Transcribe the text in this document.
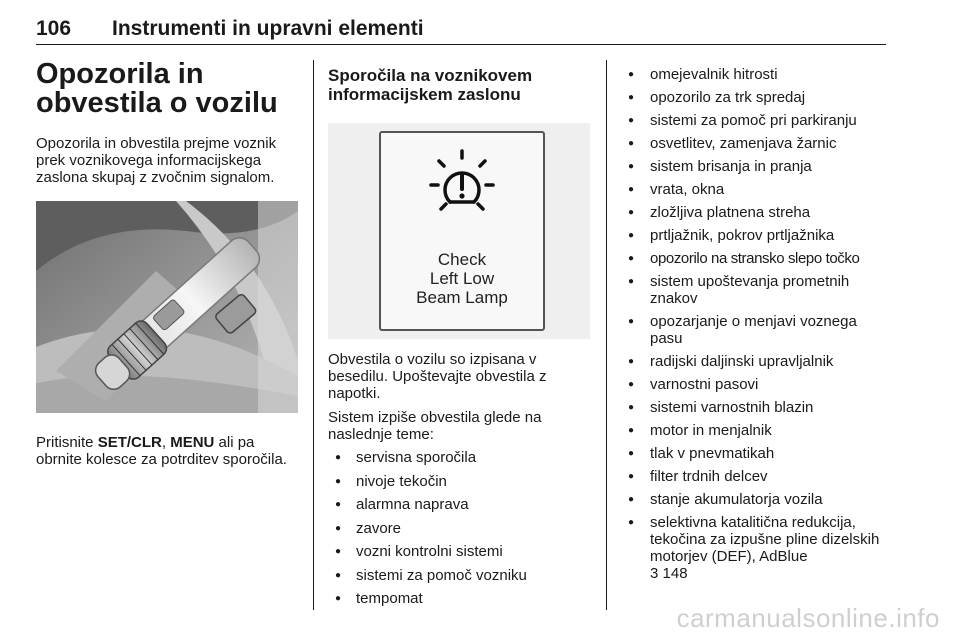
106 Instrumenti in upravni elementi
Opozorila in obvestila o vozilu

Opozorila in obvestila prejme voznik prek voznikovega informacijskega zaslona skupaj z zvočnim signalom.

Pritisnite SET/CLR, MENU ali pa obrnite kolesce za potrditev sporočila.

Sporočila na voznikovem informacijskem zaslonu
Check
Left Low
Beam Lamp

Obvestila o vozilu so izpisana v besedilu. Upoštevajte obvestila z napotki.

Sistem izpiše obvestila glede na naslednje teme:

● servisna sporočila
● nivoje tekočin
● alarmna naprava
● zavore
● vozni kontrolni sistemi
● sistemi za pomoč vozniku
● tempomat
● omejevalnik hitrosti
● opozorilo za trk spredaj
● sistemi za pomoč pri parkiranju
● osvetlitev, zamenjava žarnic
● sistem brisanja in pranja
● vrata, okna
● zložljiva platnena streha
● prtljažnik, pokrov prtljažnika
● opozorilo na stransko slepo točko
● sistem upoštevanja prometnih znakov
● opozarjanje o menjavi voznega pasu
● radijski daljinski upravljalnik
● varnostni pasovi
● sistemi varnostnih blazin
● motor in menjalnik
● tlak v pnevmatikah
● filter trdnih delcev
● stanje akumulatorja vozila
● selektivna katalitična redukcija, tekočina za izpušne pline dizelskih motorjev (DEF), AdBlue
3 148
carmanualsonline.info
